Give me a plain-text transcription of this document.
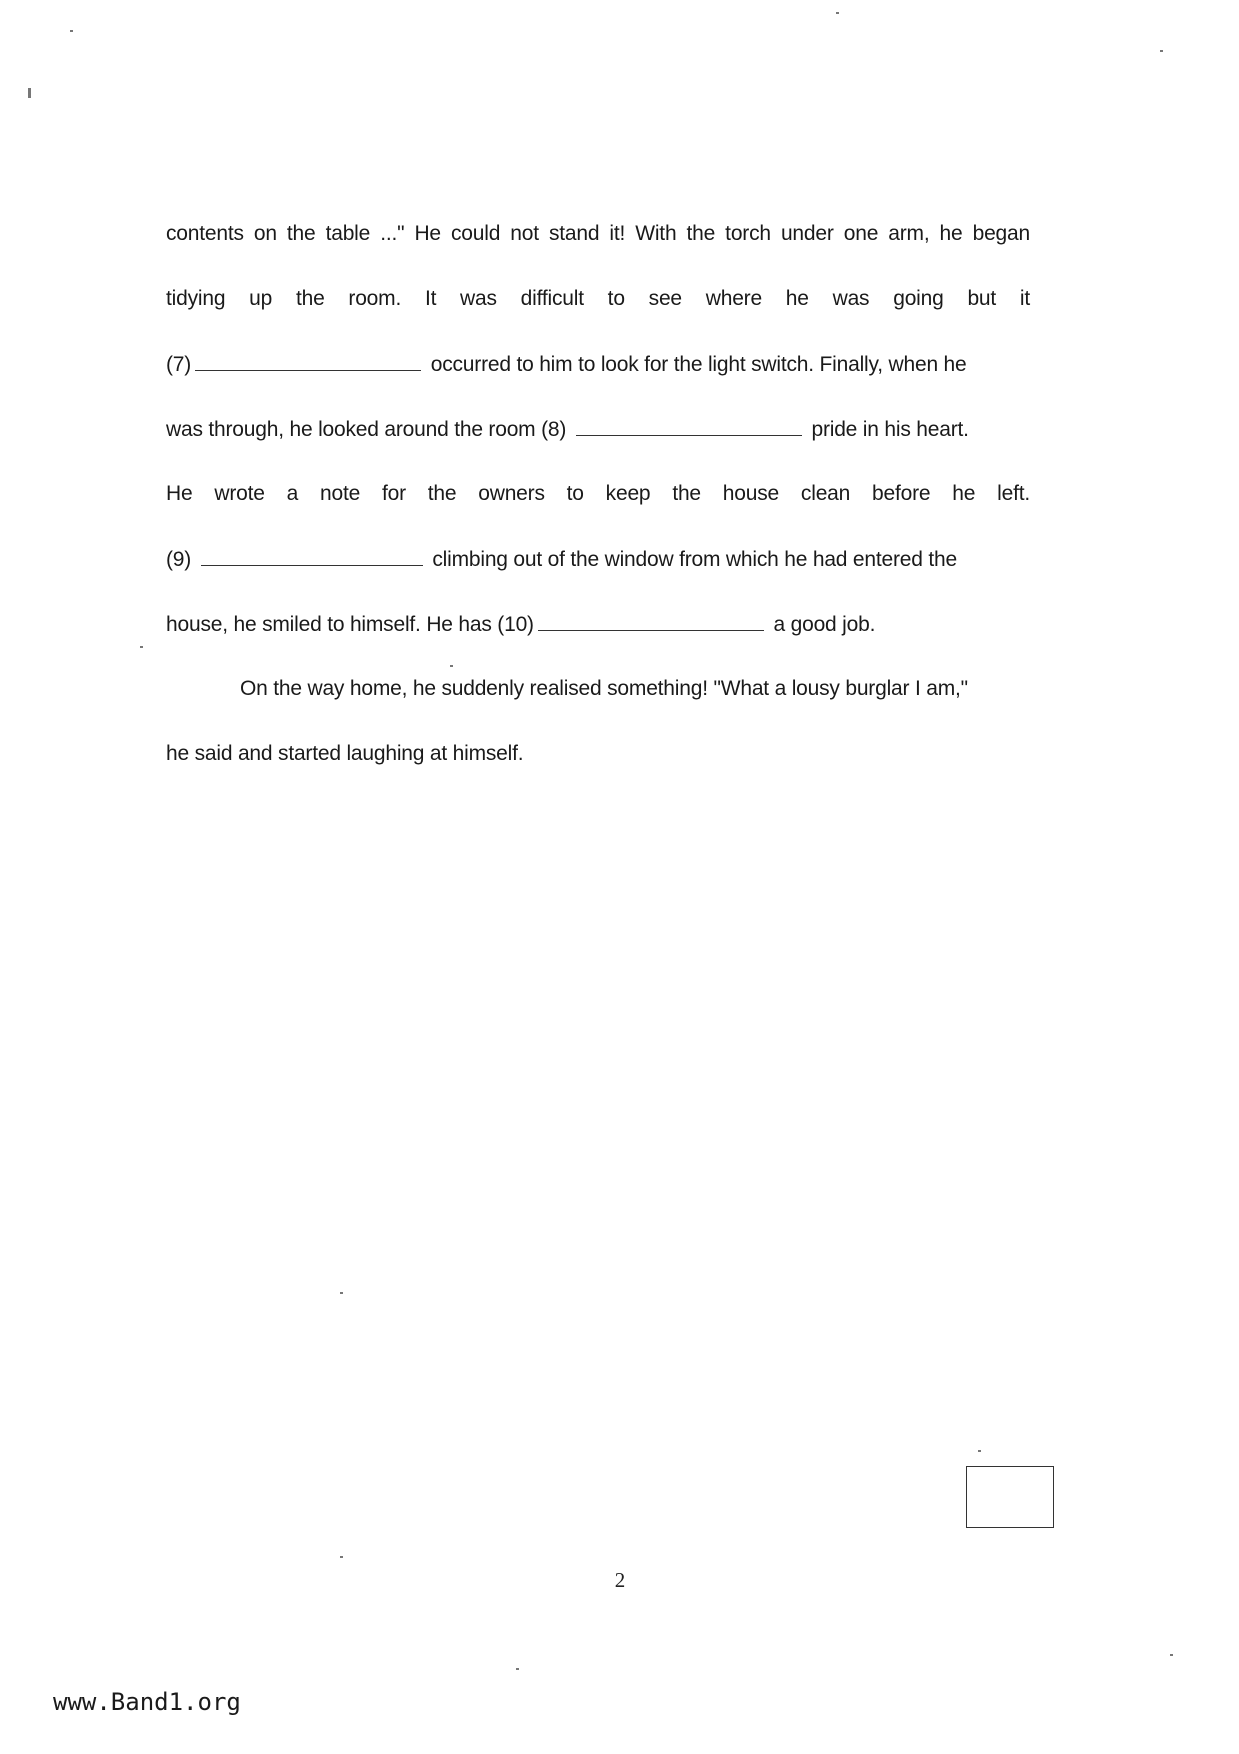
contents on the table ..." He could not stand it! With the torch under one arm, he began
tidying up the room. It was difficult to see where he was going but it
(7)	occurred to him to look for the light switch. Finally, when he
was through, he looked around the room (8)	pride in his heart.
He wrote a note for the owners to keep the house clean before he left.
(9)	climbing out of the window from which he had entered the
house, he smiled to himself. He has (10)	a good job.
On the way home, he suddenly realised something! "What a lousy burglar I am,"
he said and started laughing at himself.
2
www.Band1.org
